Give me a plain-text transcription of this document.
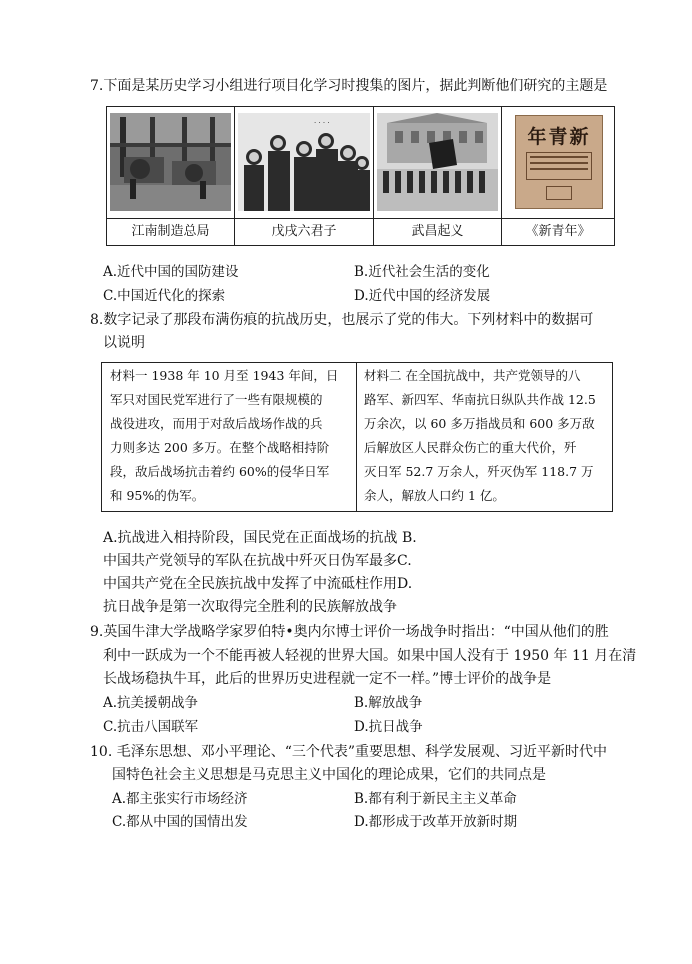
7.下面是某历史学习小组进行项目化学习时搜集的图片，据此判断他们研究的主题是
· · · ·
年青新
江南制造总局	戊戌六君子	武昌起义	《新青年》
A.近代中国的国防建设	B.近代社会生活的变化
C.中国近代化的探索	D.近代中国的经济发展
8.数字记录了那段布满伤痕的抗战历史，也展示了党的伟大。下列材料中的数据可
以说明
材料一 1938 年 10 月至 1943 年间，日
军只对国民党军进行了一些有限规模的
战役进攻，而用于对敌后战场作战的兵
力则多达 200 多万。在整个战略相持阶
段，敌后战场抗击着约 60%的侵华日军
和 95%的伪军。
材料二 在全国抗战中，共产党领导的八
路军、新四军、华南抗日纵队共作战 12.5
万余次，以 60 多万指战员和 600 多万敌
后解放区人民群众伤亡的重大代价，歼
灭日军 52.7 万余人，歼灭伪军 118.7 万
余人，解放人口约 1 亿。
A.抗战进入相持阶段，国民党在正面战场的抗战 B.
中国共产党领导的军队在抗战中歼灭日伪军最多C.
中国共产党在全民族抗战中发挥了中流砥柱作用D.
抗日战争是第一次取得完全胜利的民族解放战争
9.英国牛津大学战略学家罗伯特•奥内尔博士评价一场战争时指出：“中国从他们的胜
利中一跃成为一个不能再被人轻视的世界大国。如果中国人没有于 1950 年 11 月在清
长战场稳执牛耳，此后的世界历史进程就一定不一样。”博士评价的战争是
A.抗美援朝战争	B.解放战争
C.抗击八国联军	D.抗日战争
10. 毛泽东思想、邓小平理论、“三个代表”重要思想、科学发展观、习近平新时代中
国特色社会主义思想是马克思主义中国化的理论成果，它们的共同点是
A.都主张实行市场经济	B.都有利于新民主主义革命
C.都从中国的国情出发	D.都形成于改革开放新时期
